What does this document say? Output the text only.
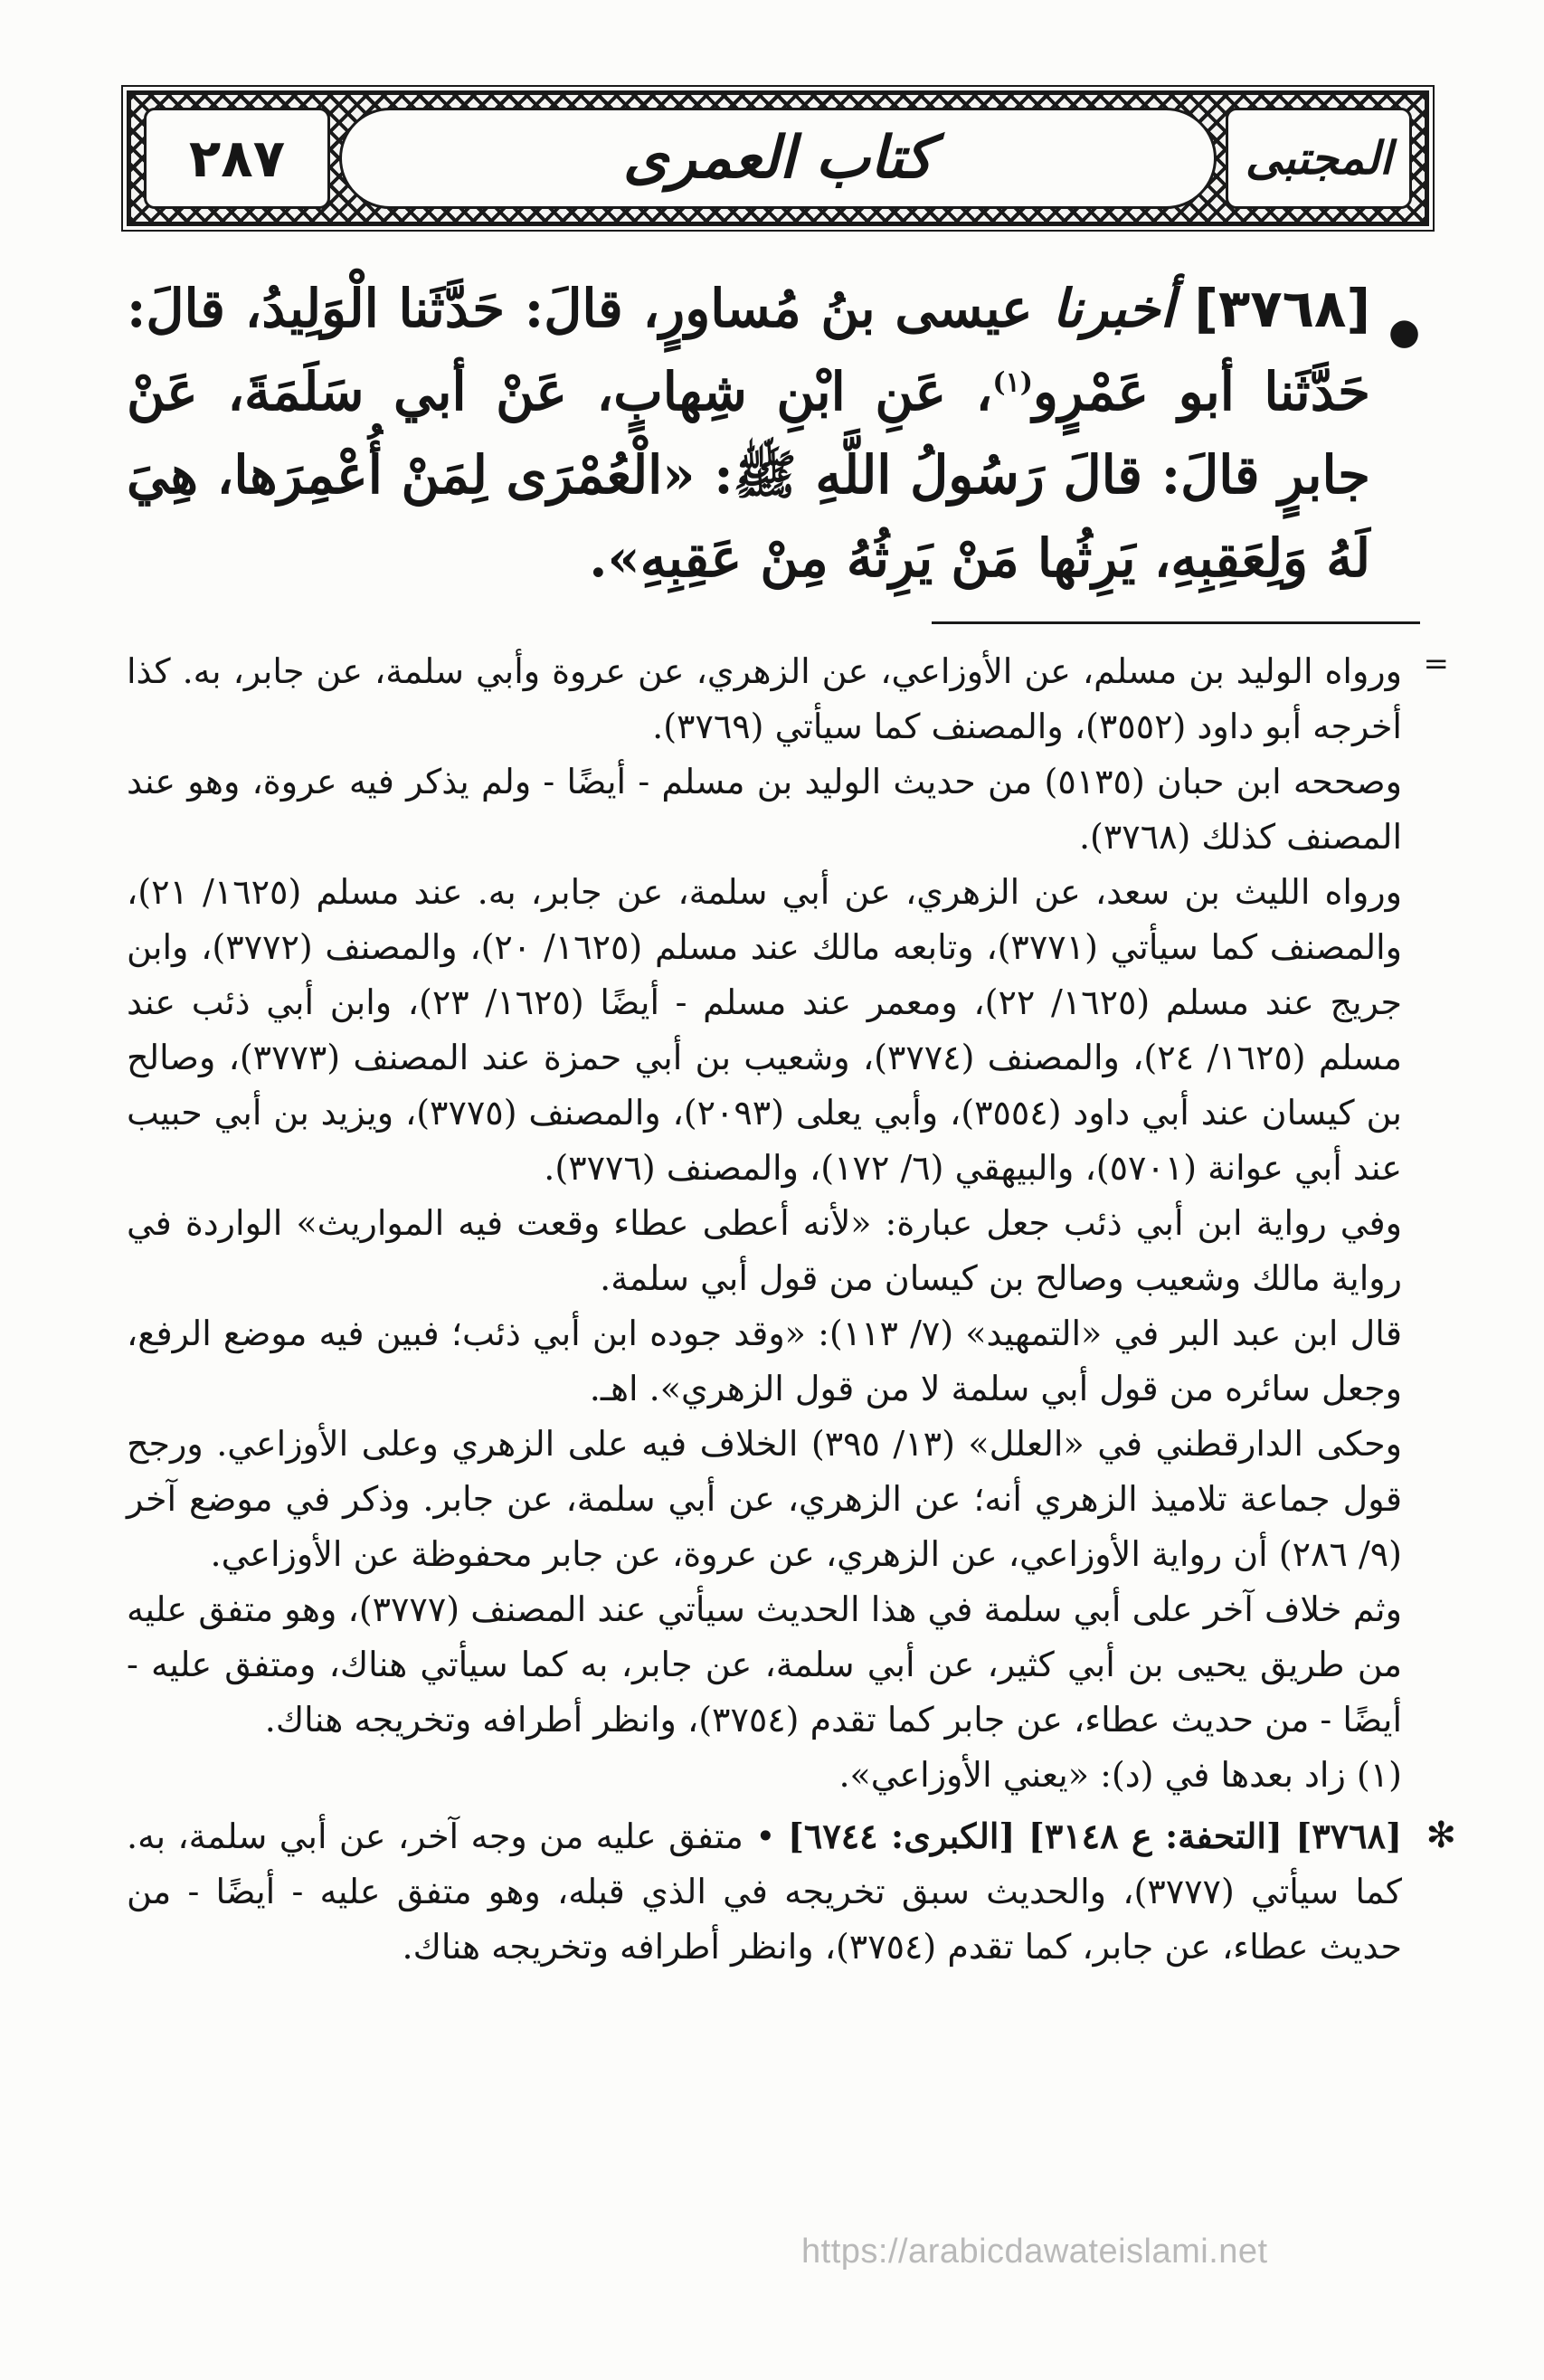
٢٨٧	كتاب العمرى	المجتبى
●
[٣٧٦٨] أخبرنا عيسى بنُ مُساورٍ، قالَ: حَدَّثَنا الْوَلِيدُ، قالَ: حَدَّثَنا أبو عَمْرٍو$^{(١)}$، عَنِ ابْنِ شِهابٍ، عَنْ أبي سَلَمَةَ، عَنْ جابرٍ قالَ: قالَ رَسُولُ اللَّهِ ﷺ: «الْعُمْرَى لِمَنْ أُعْمِرَها، هِيَ لَهُ وَلِعَقِبِهِ، يَرِثُها مَنْ يَرِثُهُ مِنْ عَقِبِهِ».

=
ورواه الوليد بن مسلم، عن الأوزاعي، عن الزهري، عن عروة وأبي سلمة، عن جابر، به. كذا أخرجه أبو داود (٣٥٥٢)، والمصنف كما سيأتي (٣٧٦٩).

وصححه ابن حبان (٥١٣٥) من حديث الوليد بن مسلم - أيضًا - ولم يذكر فيه عروة، وهو عند المصنف كذلك (٣٧٦٨).

ورواه الليث بن سعد، عن الزهري، عن أبي سلمة، عن جابر، به. عند مسلم (١٦٢٥/ ٢١)، والمصنف كما سيأتي (٣٧٧١)، وتابعه مالك عند مسلم (١٦٢٥/ ٢٠)، والمصنف (٣٧٧٢)، وابن جريج عند مسلم (١٦٢٥/ ٢٢)، ومعمر عند مسلم - أيضًا (١٦٢٥/ ٢٣)، وابن أبي ذئب عند مسلم (١٦٢٥/ ٢٤)، والمصنف (٣٧٧٤)، وشعيب بن أبي حمزة عند المصنف (٣٧٧٣)، وصالح بن كيسان عند أبي داود (٣٥٥٤)، وأبي يعلى (٢٠٩٣)، والمصنف (٣٧٧٥)، ويزيد بن أبي حبيب عند أبي عوانة (٥٧٠١)، والبيهقي (٦/ ١٧٢)، والمصنف (٣٧٧٦).

وفي رواية ابن أبي ذئب جعل عبارة: «لأنه أعطى عطاء وقعت فيه المواريث» الواردة في رواية مالك وشعيب وصالح بن كيسان من قول أبي سلمة.

قال ابن عبد البر في «التمهيد» (٧/ ١١٣): «وقد جوده ابن أبي ذئب؛ فبين فيه موضع الرفع، وجعل سائره من قول أبي سلمة لا من قول الزهري». اهـ.

وحكى الدارقطني في «العلل» (١٣/ ٣٩٥) الخلاف فيه على الزهري وعلى الأوزاعي. ورجح قول جماعة تلاميذ الزهري أنه؛ عن الزهري، عن أبي سلمة، عن جابر. وذكر في موضع آخر (٩/ ٢٨٦) أن رواية الأوزاعي، عن الزهري، عن عروة، عن جابر محفوظة عن الأوزاعي.

وثم خلاف آخر على أبي سلمة في هذا الحديث سيأتي عند المصنف (٣٧٧٧)، وهو متفق عليه من طريق يحيى بن أبي كثير، عن أبي سلمة، عن جابر، به كما سيأتي هناك، ومتفق عليه - أيضًا - من حديث عطاء، عن جابر كما تقدم (٣٧٥٤)، وانظر أطرافه وتخريجه هناك.

(١) زاد بعدها في (د): «يعني الأوزاعي».

✻
[٣٧٦٨] [التحفة: ع ٣١٤٨] [الكبرى: ٦٧٤٤] • متفق عليه من وجه آخر، عن أبي سلمة، به. كما سيأتي (٣٧٧٧)، والحديث سبق تخريجه في الذي قبله، وهو متفق عليه - أيضًا - من حديث عطاء، عن جابر، كما تقدم (٣٧٥٤)، وانظر أطرافه وتخريجه هناك.

https://arabicdawateislami.net
